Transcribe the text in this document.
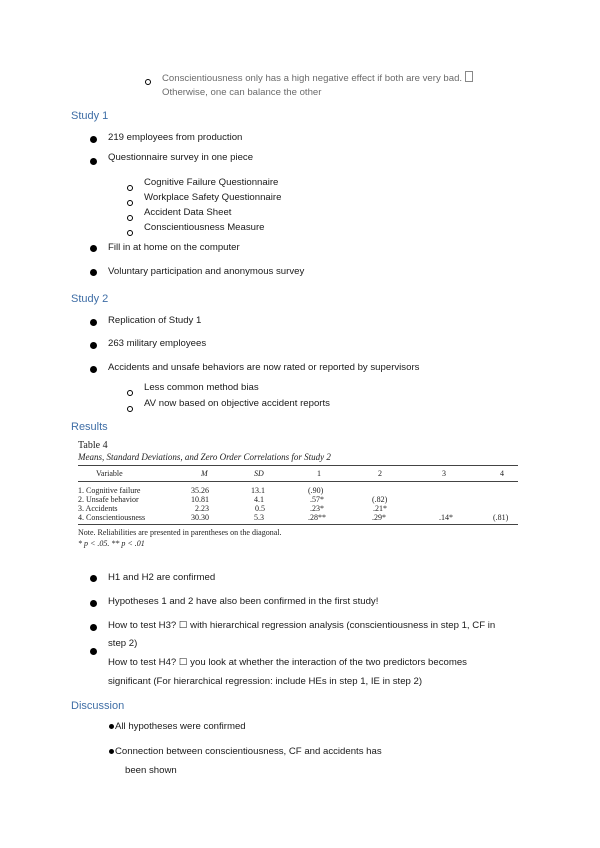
Conscientiousness only has a high negative effect if both are very bad.
Otherwise, one can balance the other
Study 1
219 employees from production
Questionnaire survey in one piece
Cognitive Failure Questionnaire
Workplace Safety Questionnaire
Accident Data Sheet
Conscientiousness Measure
Fill in at home on the computer
Voluntary participation and anonymous survey
Study 2
Replication of Study 1
263 military employees
Accidents and unsafe behaviors are now rated or reported by supervisors
Less common method bias
AV now based on objective accident reports
Results
Table 4
Means, Standard Deviations, and Zero Order Correlations for Study 2
Variable	M	SD	1	2	3	4
1. Cognitive failure	35.26	13.1	(.90)
2. Unsafe behavior	10.81	4.1	.57*	(.82)
3. Accidents	2.23	0.5	.23*	.21*
4. Conscientiousness	30.30	5.3	.28**	.29*	.14*	(.81)
Note. Reliabilities are presented in parentheses on the diagonal.
* p < .05. ** p < .01
H1 and H2 are confirmed
Hypotheses 1 and 2 have also been confirmed in the first study!
How to test H3? ☐ with hierarchical regression analysis (conscientiousness in step 1, CF in
step 2)
How to test H4? ☐ you look at whether the interaction of the two predictors becomes
significant (For hierarchical regression: include HEs in step 1, IE in step 2)
Discussion
All hypotheses were confirmed
Connection between conscientiousness, CF and accidents has
been shown
